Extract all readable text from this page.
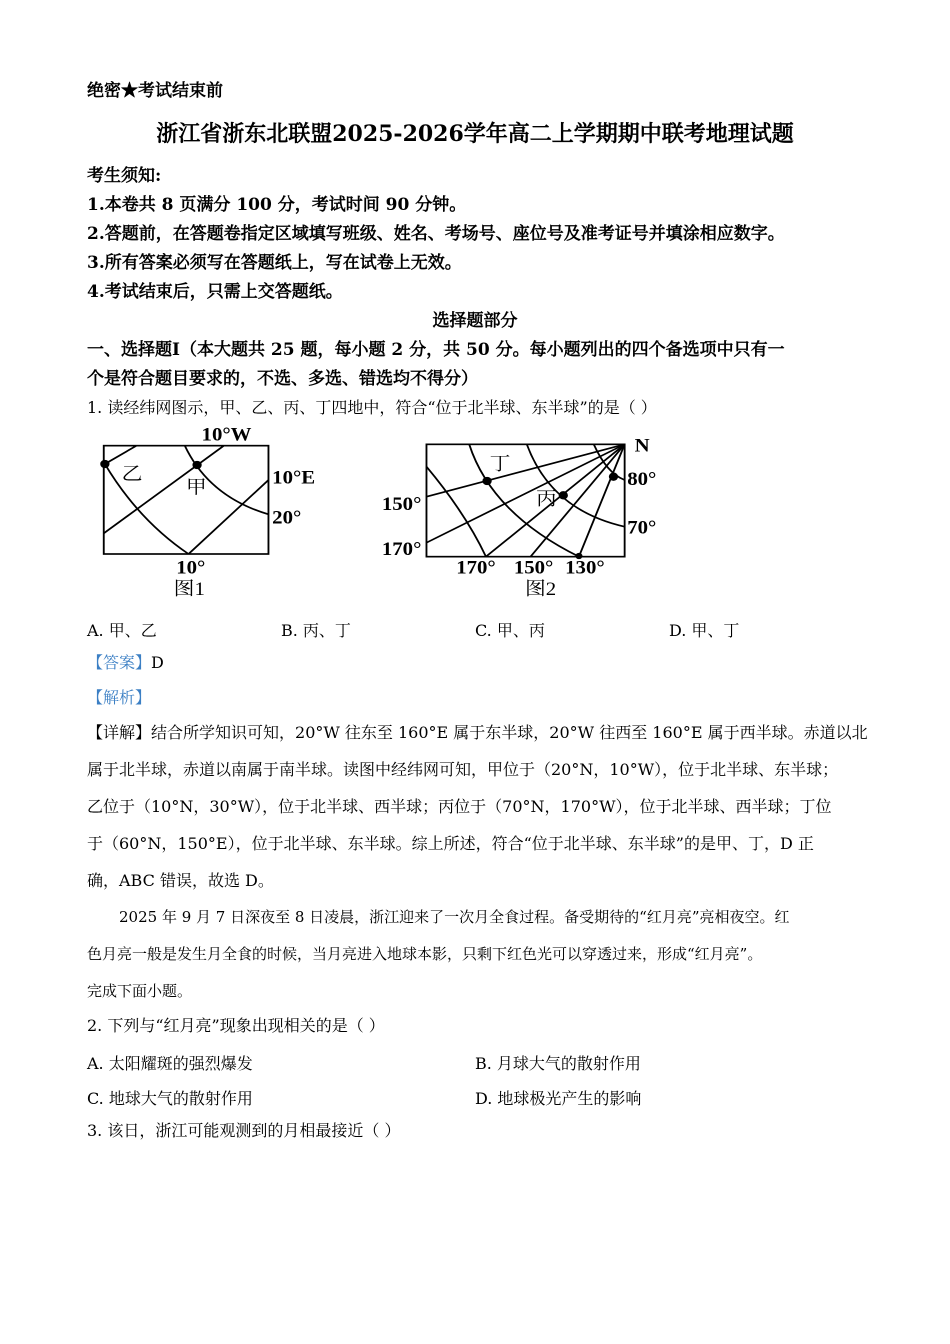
绝密★考试结束前
浙江省浙东北联盟2025-2026学年高二上学期期中联考地理试题
考生须知:
1.本卷共 8 页满分 100 分，考试时间 90 分钟。
2.答题前，在答题卷指定区域填写班级、姓名、考场号、座位号及准考证号并填涂相应数字。
3.所有答案必须写在答题纸上，写在试卷上无效。
4.考试结束后，只需上交答题纸。
选择题部分
一、选择题Ⅰ（本大题共 25 题，每小题 2 分，共 50 分。每小题列出的四个备选项中只有一
个是符合题目要求的，不选、多选、错选均不得分）
1. 读经纬网图示，甲、乙、丙、丁四地中，符合“位于北半球、东半球”的是（ ）
10°W
10°E
20°
10°
乙
甲
图1
N
150°
170°
170° 150° 130°
80°
70°
丁
丙
图2
A. 甲、乙	B. 丙、丁	C. 甲、丙	D. 甲、丁
【答案】D
【解析】
【详解】结合所学知识可知，20°W 往东至 160°E 属于东半球，20°W 往西至 160°E 属于西半球。赤道以北
属于北半球，赤道以南属于南半球。读图中经纬网可知，甲位于（20°N，10°W），位于北半球、东半球；
乙位于（10°N，30°W），位于北半球、西半球；丙位于（70°N，170°W），位于北半球、西半球；丁位
于（60°N，150°E），位于北半球、东半球。综上所述，符合“位于北半球、东半球”的是甲、丁，D 正
确，ABC 错误，故选 D。
2025 年 9 月 7 日深夜至 8 日凌晨，浙江迎来了一次月全食过程。备受期待的“红月亮”亮相夜空。红
色月亮一般是发生月全食的时候，当月亮进入地球本影，只剩下红色光可以穿透过来，形成“红月亮”。
完成下面小题。
2. 下列与“红月亮”现象出现相关的是（ ）
A. 太阳耀斑的强烈爆发	B. 月球大气的散射作用
C. 地球大气的散射作用	D. 地球极光产生的影响
3. 该日，浙江可能观测到的月相最接近（ ）
